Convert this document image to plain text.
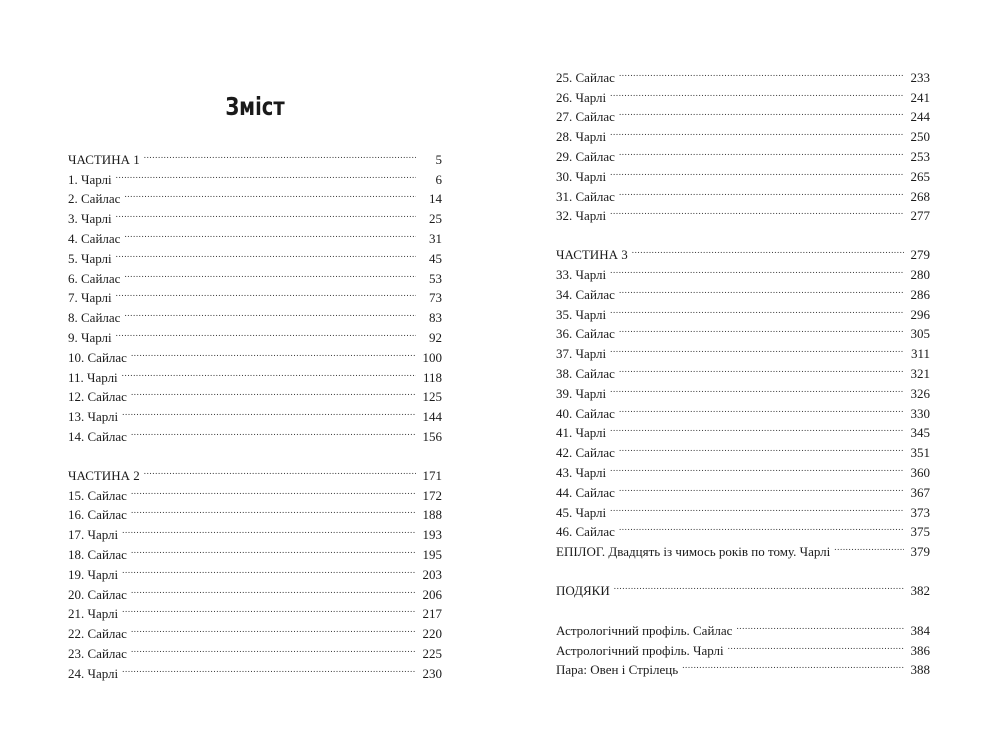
Зміст
ЧАСТИНА 1 .....	5
1. Чарлі .....	6
2. Сайлас .....	14
3. Чарлі .....	25
4. Сайлас .....	31
5. Чарлі .....	45
6. Сайлас .....	53
7. Чарлі .....	73
8. Сайлас .....	83
9. Чарлі .....	92
10. Сайлас .....	100
11. Чарлі .....	118
12. Сайлас .....	125
13. Чарлі .....	144
14. Сайлас .....	156
ЧАСТИНА 2 .....	171
15. Сайлас .....	172
16. Сайлас .....	188
17. Чарлі .....	193
18. Сайлас .....	195
19. Чарлі .....	203
20. Сайлас .....	206
21. Чарлі .....	217
22. Сайлас .....	220
23. Сайлас .....	225
24. Чарлі .....	230
25. Сайлас .....	233
26. Чарлі .....	241
27. Сайлас .....	244
28. Чарлі .....	250
29. Сайлас .....	253
30. Чарлі .....	265
31. Сайлас .....	268
32. Чарлі .....	277
ЧАСТИНА 3 .....	279
33. Чарлі .....	280
34. Сайлас .....	286
35. Чарлі .....	296
36. Сайлас .....	305
37. Чарлі .....	311
38. Сайлас .....	321
39. Чарлі .....	326
40. Сайлас .....	330
41. Чарлі .....	345
42. Сайлас .....	351
43. Чарлі .....	360
44. Сайлас .....	367
45. Чарлі .....	373
46. Сайлас .....	375
ЕПІЛОГ. Двадцять із чимось років по тому. Чарлі .....	379
ПОДЯКИ .....	382
Астрологічний профіль. Сайлас .....	384
Астрологічний профіль. Чарлі .....	386
Пара: Овен і Стрілець .....	388
